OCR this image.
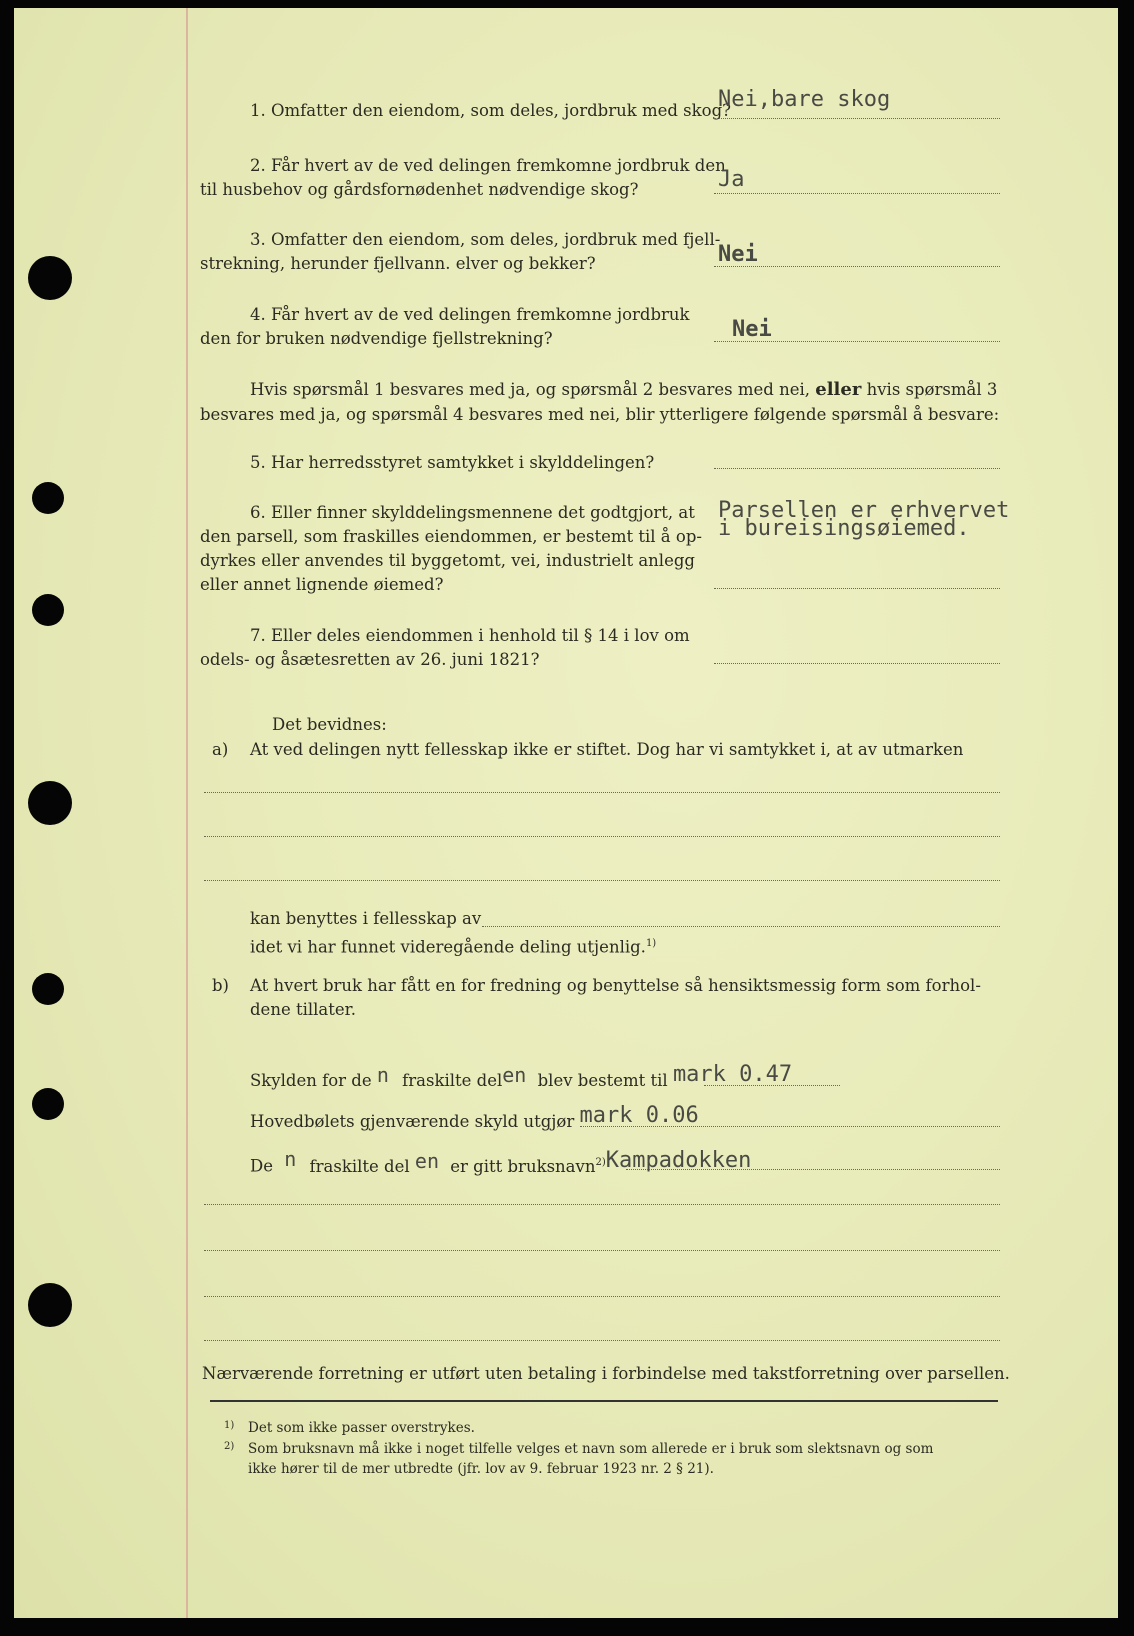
1. Omfatter den eiendom, som deles, jordbruk med skog?
Nei,bare skog
2. Får hvert av de ved delingen fremkomne jordbruk den
til husbehov og gårdsfornødenhet nødvendige skog?	Ja
3. Omfatter den eiendom, som deles, jordbruk med fjell-
strekning, herunder fjellvann. elver og bekker?	Nei
4. Får hvert av de ved delingen fremkomne jordbruk
den for bruken nødvendige fjellstrekning?	Nei
Hvis spørsmål 1 besvares med ja, og spørsmål 2 besvares med nei, eller hvis spørsmål 3
besvares med ja, og spørsmål 4 besvares med nei, blir ytterligere følgende spørsmål å besvare:
5. Har herredsstyret samtykket i skylddelingen?
6. Eller finner skylddelingsmennene det godtgjort, at
den parsell, som fraskilles eiendommen, er bestemt til å op-
dyrkes eller anvendes til byggetomt, vei, industrielt anlegg
eller annet lignende øiemed?
Parsellen er erhvervet
i bureisingsøiemed.
7. Eller deles eiendommen i henhold til § 14 i lov om
odels- og åsætesretten av 26. juni 1821?
Det bevidnes:
a) At ved delingen nytt fellesskap ikke er stiftet. Dog har vi samtykket i, at av utmarken
kan benyttes i fellesskap av
idet vi har funnet videregående deling utjenlig.$^{1)}$
b) At hvert bruk har fått en for fredning og benyttelse så hensiktsmessig form som forhol-
dene tillater.
Skylden for de n fraskilte delen blev bestemt til mark 0.47
Hovedbølets gjenværende skyld utgjør mark 0.06
De n fraskilte del en er gitt bruksnavn$^{2)}$Kampadokken
Nærværende forretning er utført uten betaling i forbindelse med takstforretning over parsellen.
$^{1)}$ Det som ikke passer overstrykes.
$^{2)}$ Som bruksnavn må ikke i noget tilfelle velges et navn som allerede er i bruk som slektsnavn og som
ikke hører til de mer utbredte (jfr. lov av 9. februar 1923 nr. 2 § 21).
